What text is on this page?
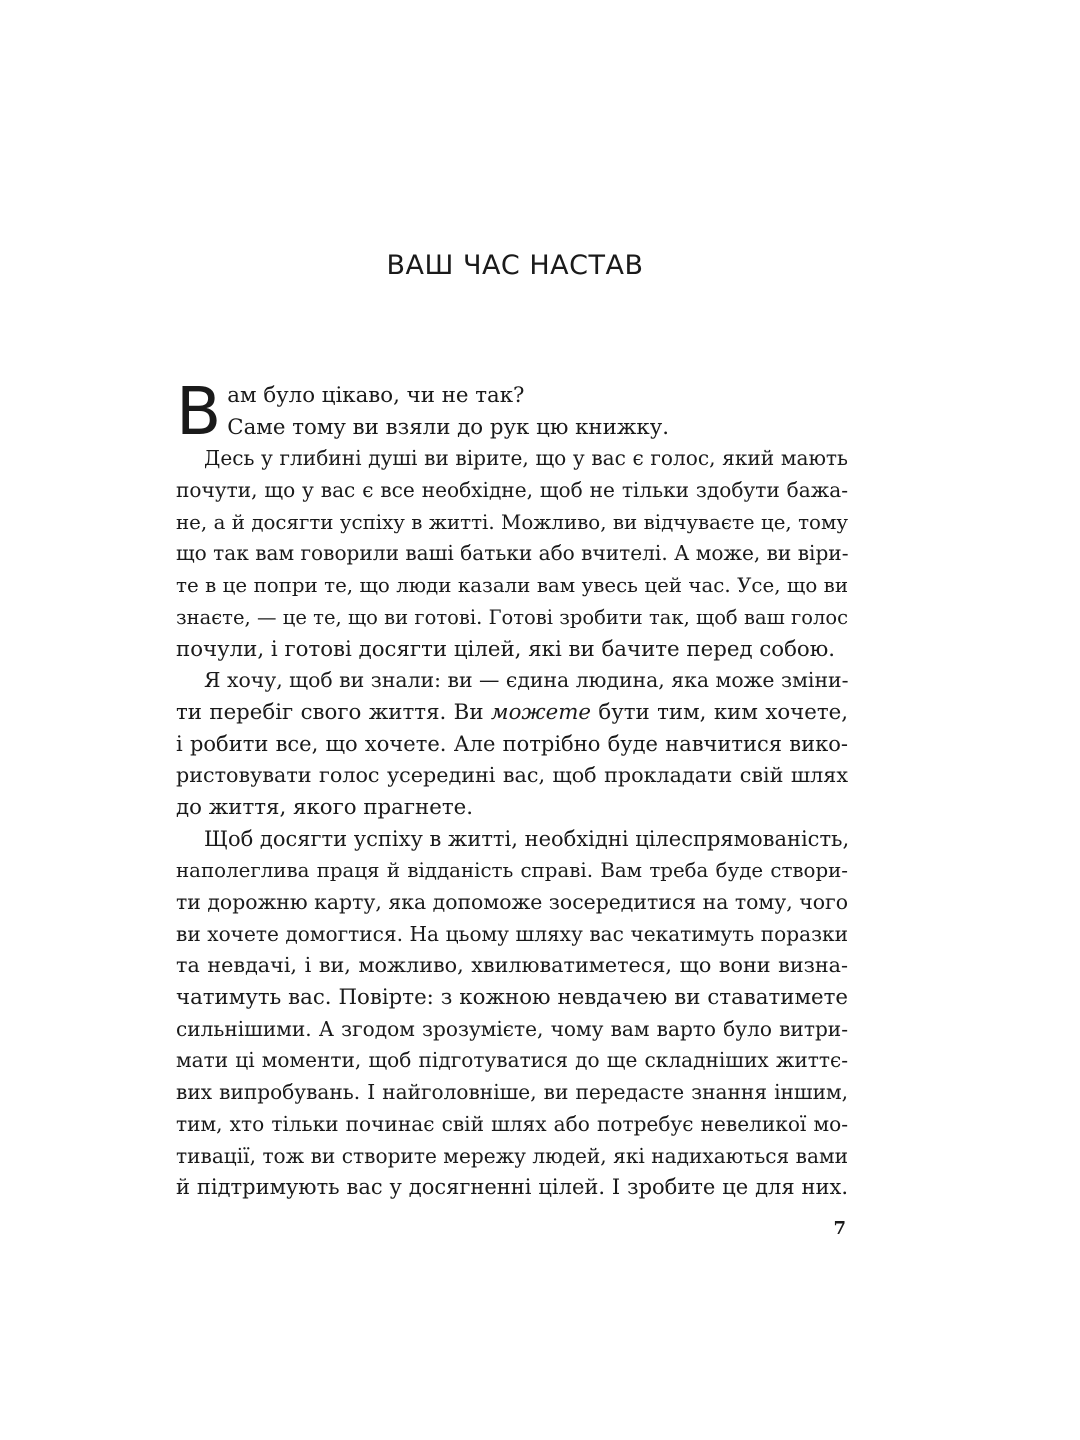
ВАШ ЧАС НАСТАВ
В ам було цікаво, чи не так?
Саме тому ви взяли до рук цю книжку.
Десь у глибині душі ви вірите, що у вас є голос, який мають
почути, що у вас є все необхідне, щоб не тільки здобути бажа-
не, а й досягти успіху в житті. Можливо, ви відчуваєте це, тому
що так вам говорили ваші батьки або вчителі. А може, ви віри-
те в це попри те, що люди казали вам увесь цей час. Усе, що ви
знаєте, — це те, що ви готові. Готові зробити так, щоб ваш голос
почули, і готові досягти цілей, які ви бачите перед собою.
Я хочу, щоб ви знали: ви — єдина людина, яка може зміни-
ти перебіг свого життя. Ви можете бути тим, ким хочете,
і робити все, що хочете. Але потрібно буде навчитися вико-
ристовувати голос усередині вас, щоб прокладати свій шлях
до життя, якого прагнете.
Щоб досягти успіху в житті, необхідні цілеспрямованість,
наполеглива праця й відданість справі. Вам треба буде створи-
ти дорожню карту, яка допоможе зосередитися на тому, чого
ви хочете домогтися. На цьому шляху вас чекатимуть поразки
та невдачі, і ви, можливо, хвилюватиметеся, що вони визна-
чатимуть вас. Повірте: з кожною невдачею ви ставатимете
сильнішими. А згодом зрозумієте, чому вам варто було витри-
мати ці моменти, щоб підготуватися до ще складніших життє-
вих випробувань. І найголовніше, ви передасте знання іншим,
тим, хто тільки починає свій шлях або потребує невеликої мо-
тивації, тож ви створите мережу людей, які надихаються вами
й підтримують вас у досягненні цілей. І зробите це для них.
7
